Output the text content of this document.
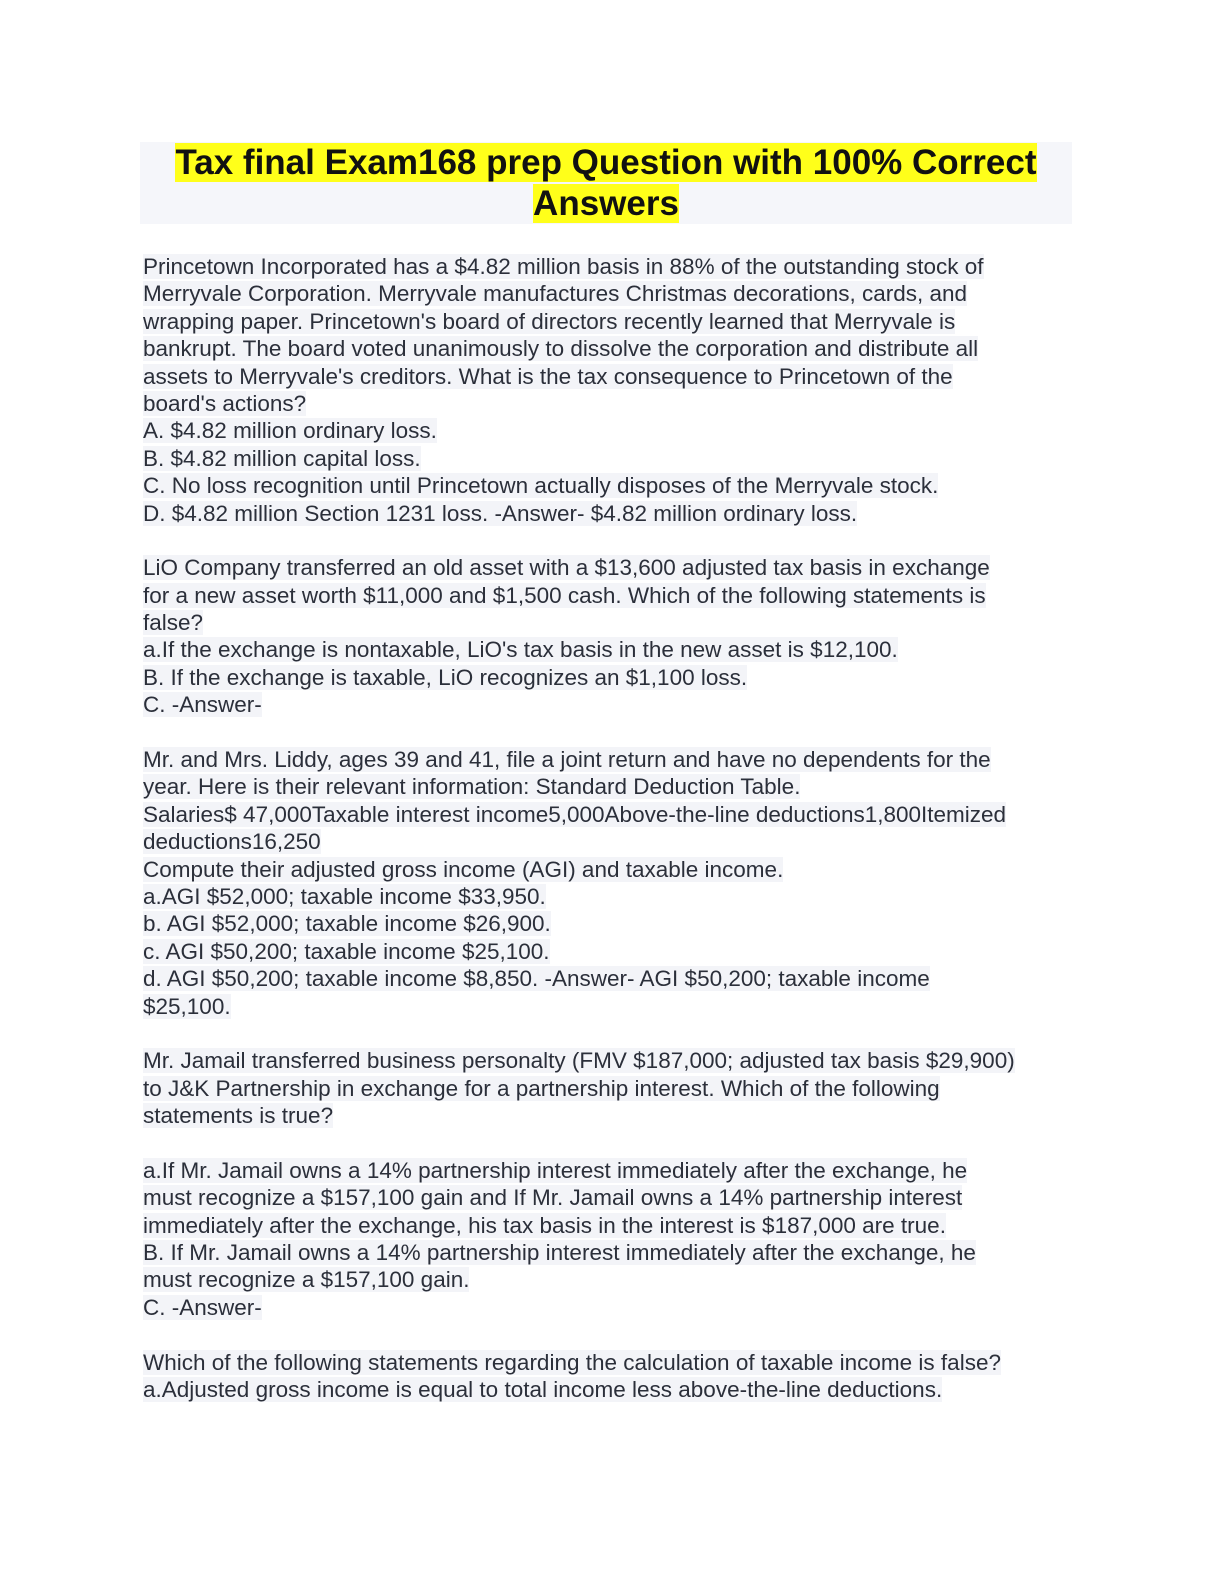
Tax final Exam168 prep Question with 100% Correct
Answers
Princetown Incorporated has a $4.82 million basis in 88% of the outstanding stock of
Merryvale Corporation. Merryvale manufactures Christmas decorations, cards, and
wrapping paper. Princetown's board of directors recently learned that Merryvale is
bankrupt. The board voted unanimously to dissolve the corporation and distribute all
assets to Merryvale's creditors. What is the tax consequence to Princetown of the
board's actions?
A. $4.82 million ordinary loss.
B. $4.82 million capital loss.
C. No loss recognition until Princetown actually disposes of the Merryvale stock.
D. $4.82 million Section 1231 loss. -Answer- $4.82 million ordinary loss.
LiO Company transferred an old asset with a $13,600 adjusted tax basis in exchange
for a new asset worth $11,000 and $1,500 cash. Which of the following statements is
false?
a.If the exchange is nontaxable, LiO's tax basis in the new asset is $12,100.
B. If the exchange is taxable, LiO recognizes an $1,100 loss.
C. -Answer-
Mr. and Mrs. Liddy, ages 39 and 41, file a joint return and have no dependents for the
year. Here is their relevant information: Standard Deduction Table.
Salaries$ 47,000Taxable interest income5,000Above-the-line deductions1,800Itemized
deductions16,250
Compute their adjusted gross income (AGI) and taxable income.
a.AGI $52,000; taxable income $33,950.
b. AGI $52,000; taxable income $26,900.
c. AGI $50,200; taxable income $25,100.
d. AGI $50,200; taxable income $8,850. -Answer- AGI $50,200; taxable income
$25,100.
Mr. Jamail transferred business personalty (FMV $187,000; adjusted tax basis $29,900)
to J&K Partnership in exchange for a partnership interest. Which of the following
statements is true?
a.If Mr. Jamail owns a 14% partnership interest immediately after the exchange, he
must recognize a $157,100 gain and If Mr. Jamail owns a 14% partnership interest
immediately after the exchange, his tax basis in the interest is $187,000 are true.
B. If Mr. Jamail owns a 14% partnership interest immediately after the exchange, he
must recognize a $157,100 gain.
C. -Answer-
Which of the following statements regarding the calculation of taxable income is false?
a.Adjusted gross income is equal to total income less above-the-line deductions.
